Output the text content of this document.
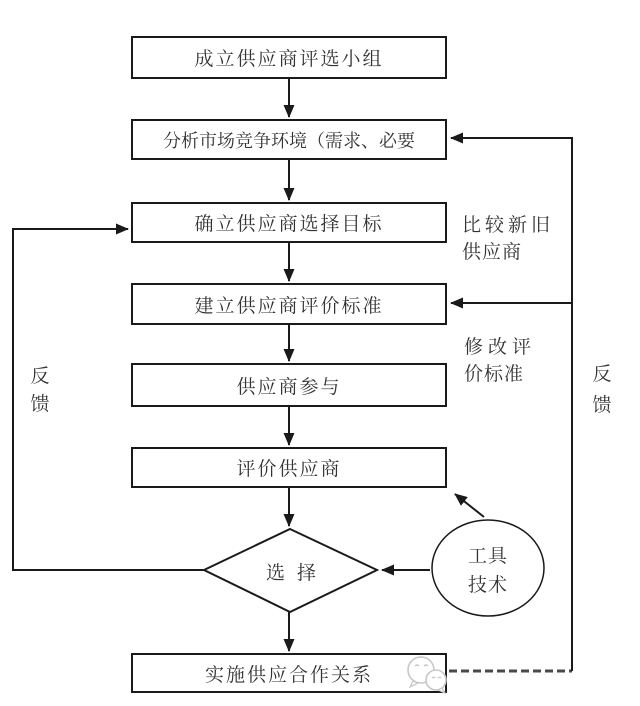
成立供应商评选小组
分析市场竞争环境（需求、必要
确立供应商选择目标
建立供应商评价标准
供应商参与
评价供应商
实施供应合作关系
选择
工具
技术
比较新旧
供应商
修改评
价标准
反
馈
反
馈
